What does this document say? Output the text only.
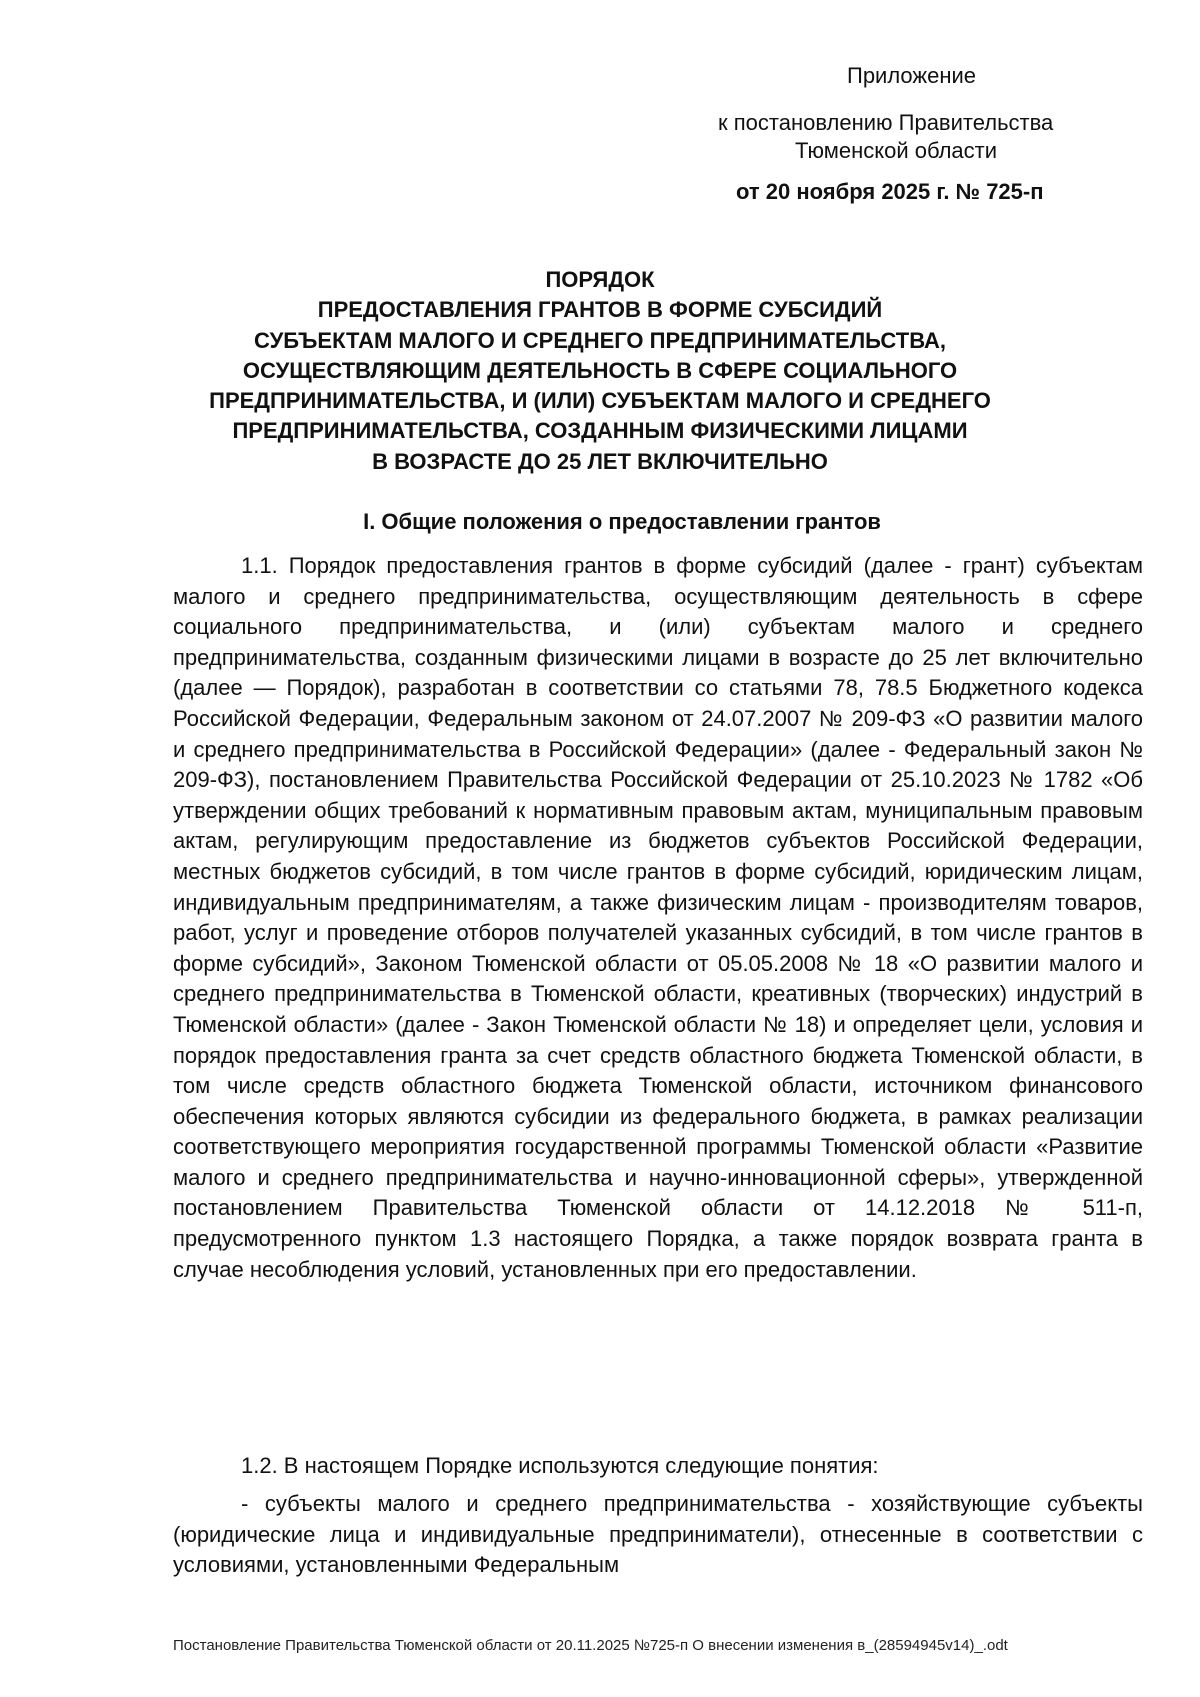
Приложение
к постановлению Правительства
Тюменской области
от 20 ноября 2025 г. № 725-п
ПОРЯДОК
ПРЕДОСТАВЛЕНИЯ ГРАНТОВ В ФОРМЕ СУБСИДИЙ
СУБЪЕКТАМ МАЛОГО И СРЕДНЕГО ПРЕДПРИНИМАТЕЛЬСТВА,
ОСУЩЕСТВЛЯЮЩИМ ДЕЯТЕЛЬНОСТЬ В СФЕРЕ СОЦИАЛЬНОГО
ПРЕДПРИНИМАТЕЛЬСТВА, И (ИЛИ) СУБЪЕКТАМ МАЛОГО И СРЕДНЕГО
ПРЕДПРИНИМАТЕЛЬСТВА, СОЗДАННЫМ ФИЗИЧЕСКИМИ ЛИЦАМИ
В ВОЗРАСТЕ ДО 25 ЛЕТ ВКЛЮЧИТЕЛЬНО
I. Общие положения о предоставлении грантов

1.1. Порядок предоставления грантов в форме субсидий (далее - грант) субъектам малого и среднего предпринимательства, осуществляющим деятельность в сфере социального предпринимательства, и (или) субъектам малого и среднего предпринимательства, созданным физическими лицами в возрасте до 25 лет включительно (далее — Порядок), разработан в соответствии со статьями 78, 78.5 Бюджетного кодекса Российской Федерации, Федеральным законом от 24.07.2007 № 209-ФЗ «О развитии малого и среднего предпринимательства в Российской Федерации» (далее - Федеральный закон № 209-ФЗ), постановлением Правительства Российской Федерации от 25.10.2023 № 1782 «Об утверждении общих требований к нормативным правовым актам, муниципальным правовым актам, регулирующим предоставление из бюджетов субъектов Российской Федерации, местных бюджетов субсидий, в том числе грантов в форме субсидий, юридическим лицам, индивидуальным предпринимателям, а также физическим лицам - производителям товаров, работ, услуг и проведение отборов получателей указанных субсидий, в том числе грантов в форме субсидий», Законом Тюменской области от 05.05.2008 № 18 «О развитии малого и среднего предпринимательства в Тюменской области, креативных (творческих) индустрий в Тюменской области» (далее - Закон Тюменской области № 18) и определяет цели, условия и порядок предоставления гранта за счет средств областного бюджета Тюменской области, в том числе средств областного бюджета Тюменской области, источником финансового обеспечения которых являются субсидии из федерального бюджета, в рамках реализации соответствующего мероприятия государственной программы Тюменской области «Развитие малого и среднего предпринимательства и научно-инновационной сферы», утвержденной постановлением Правительства Тюменской области от 14.12.2018 № 511-п, предусмотренного пунктом 1.3 настоящего Порядка, а также порядок возврата гранта в случае несоблюдения условий, установленных при его предоставлении.

1.2. В настоящем Порядке используются следующие понятия:

- субъекты малого и среднего предпринимательства - хозяйствующие субъекты (юридические лица и индивидуальные предприниматели), отнесенные в соответствии с условиями, установленными Федеральным

Постановление Правительства Тюменской области от 20.11.2025 №725-п О внесении изменения в_(28594945v14)_.odt
